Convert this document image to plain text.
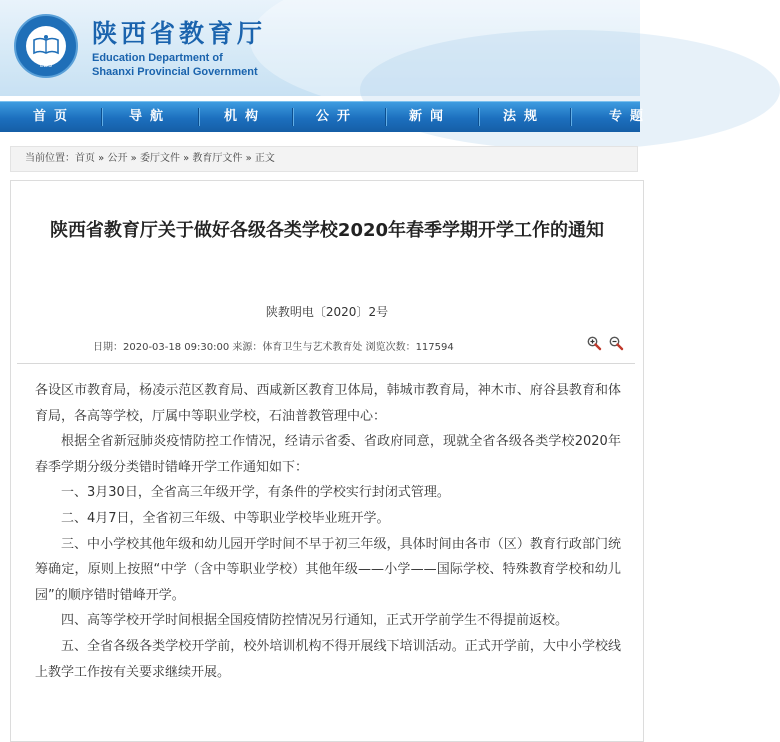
EDS
陕西省教育厅
Education Department of
Shaanxi Provincial Government
首页	导航	机构	公开	新闻	法规	专题
当前位置：首页 » 公开 » 委厅文件 » 教育厅文件 » 正文
陕西省教育厅关于做好各级各类学校2020年春季学期开学工作的通知
陕教明电〔2020〕2号
日期：2020-03-18 09:30:00 来源：体育卫生与艺术教育处 浏览次数：117594

各设区市教育局，杨凌示范区教育局、西咸新区教育卫体局，韩城市教育局，神木市、府谷县教育和体育局，各高等学校，厅属中等职业学校，石油普教管理中心：

根据全省新冠肺炎疫情防控工作情况，经请示省委、省政府同意，现就全省各级各类学校2020年春季学期分级分类错时错峰开学工作通知如下：

一、3月30日，全省高三年级开学，有条件的学校实行封闭式管理。

二、4月7日，全省初三年级、中等职业学校毕业班开学。

三、中小学校其他年级和幼儿园开学时间不早于初三年级，具体时间由各市（区）教育行政部门统筹确定，原则上按照“中学（含中等职业学校）其他年级——小学——国际学校、特殊教育学校和幼儿园”的顺序错时错峰开学。

四、高等学校开学时间根据全国疫情防控情况另行通知，正式开学前学生不得提前返校。

五、全省各级各类学校开学前，校外培训机构不得开展线下培训活动。正式开学前，大中小学校线上教学工作按有关要求继续开展。
